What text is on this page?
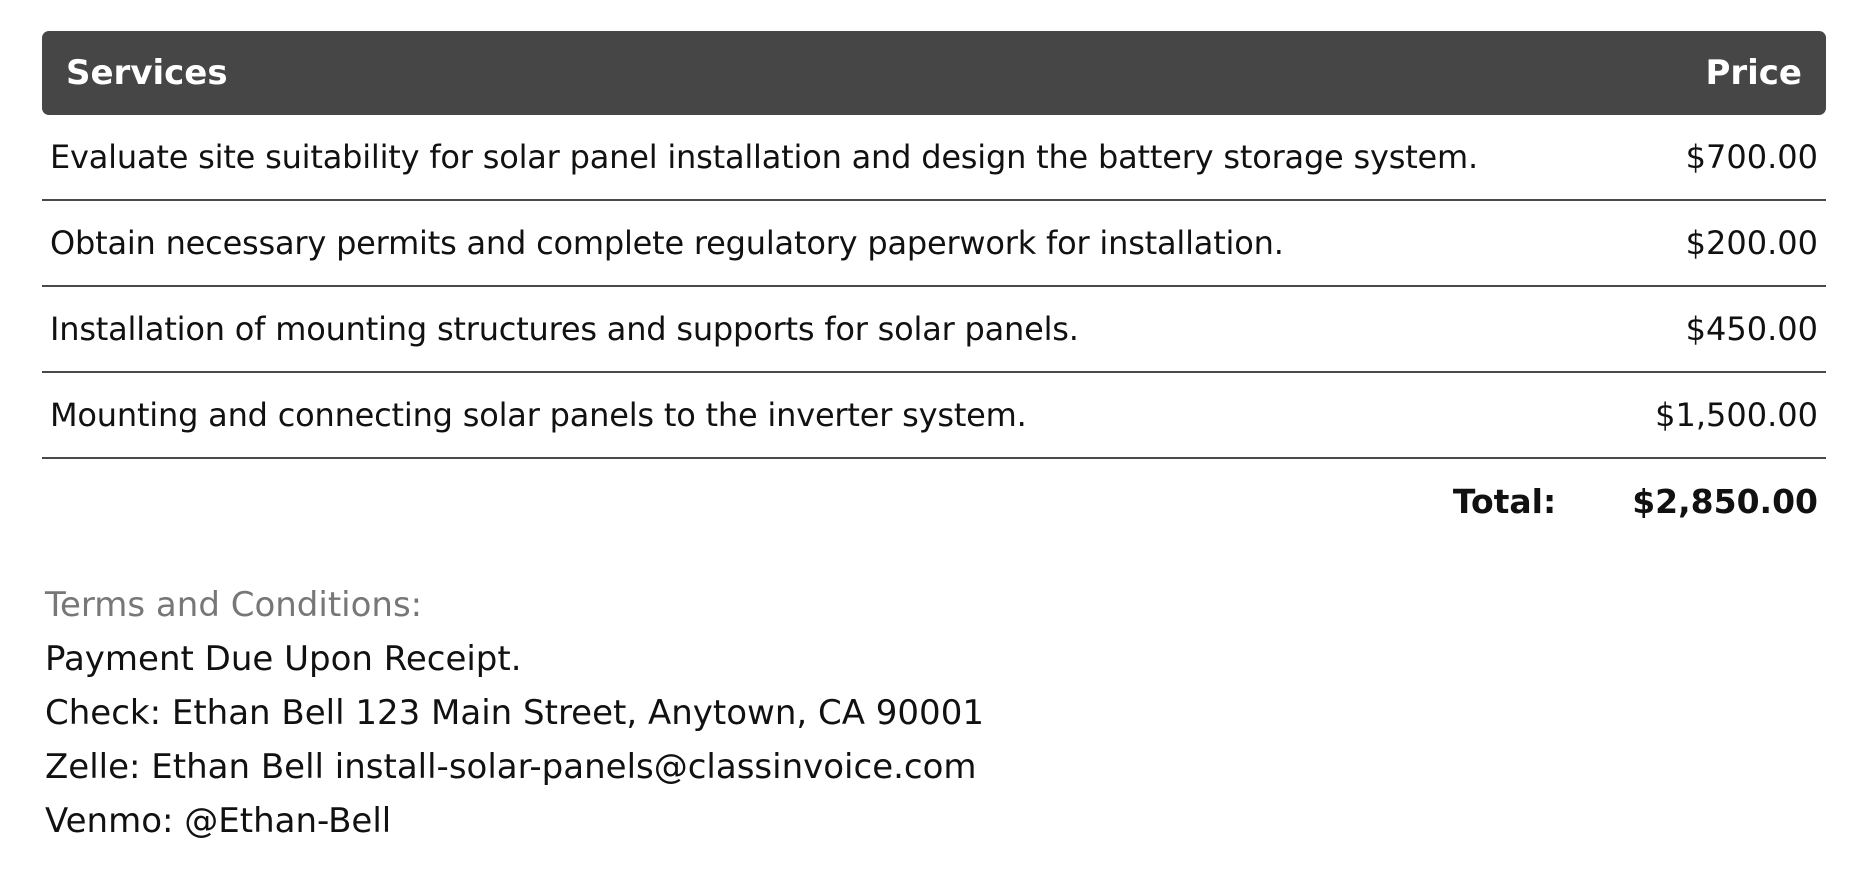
Services	Price
Evaluate site suitability for solar panel installation and design the battery storage system.	$700.00
Obtain necessary permits and complete regulatory paperwork for installation.	$200.00
Installation of mounting structures and supports for solar panels.	$450.00
Mounting and connecting solar panels to the inverter system.	$1,500.00
Total: $2,850.00
Terms and Conditions:
Payment Due Upon Receipt.
Check: Ethan Bell 123 Main Street, Anytown, CA 90001
Zelle: Ethan Bell install-solar-panels@classinvoice.com
Venmo: @Ethan-Bell
